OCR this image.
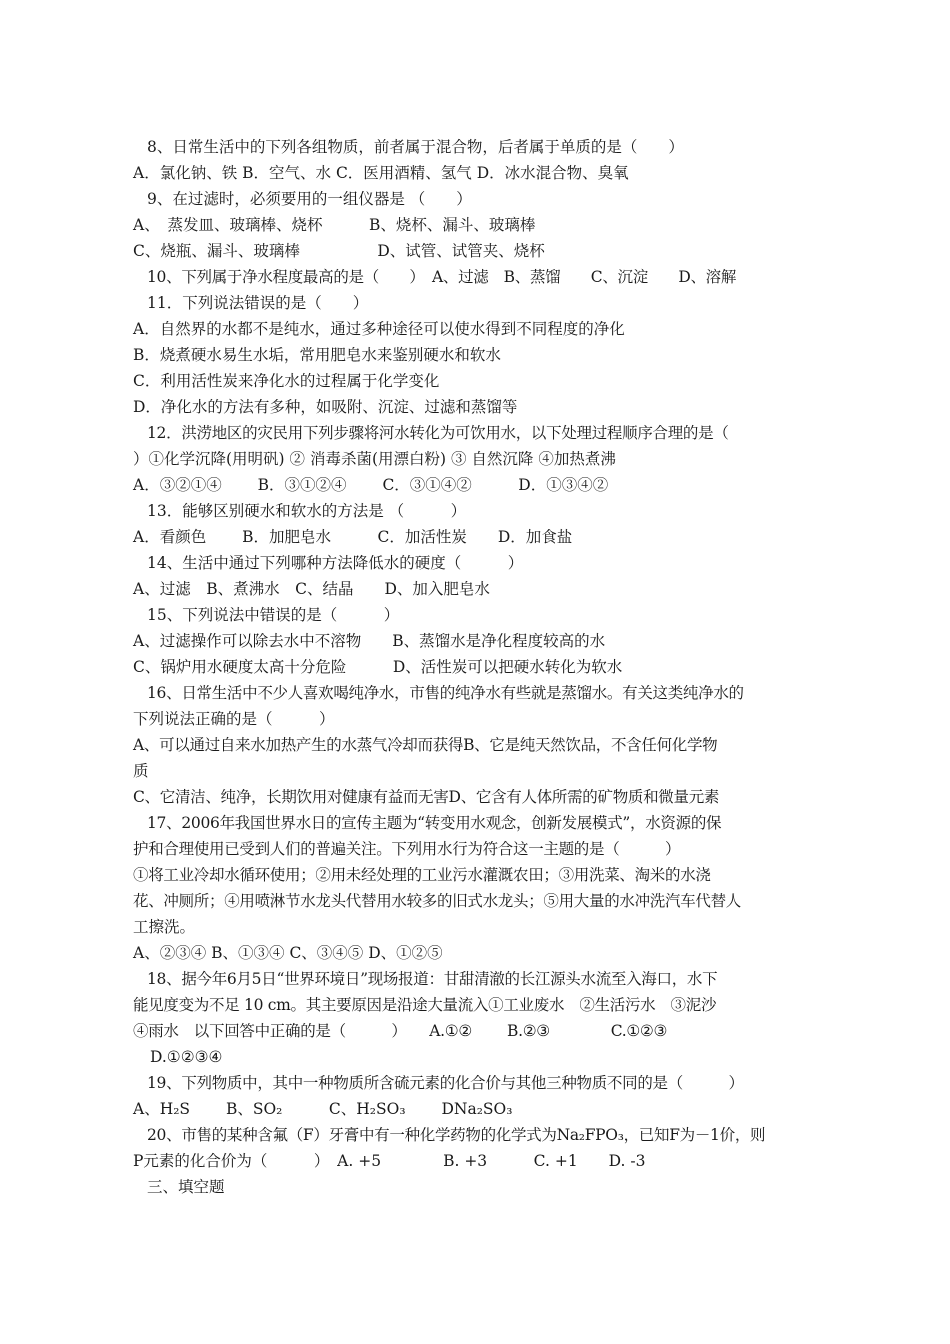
8、日常生活中的下列各组物质，前者属于混合物，后者属于单质的是（　　）
A．氯化钠、铁 B．空气、水 C．医用酒精、氢气 D．冰水混合物、臭氧
9、在过滤时，必须要用的一组仪器是 （　　）
A、　蒸发皿、玻璃棒、烧杯　　　B、烧杯、漏斗、玻璃棒
C、烧瓶、漏斗、玻璃棒　　　　　D、试管、试管夹、烧杯
10、下列属于净水程度最高的是（　　）　A、过滤　B、蒸馏　　C、沉淀　　D、溶解
11．下列说法错误的是（　　）
A．自然界的水都不是纯水，通过多种途径可以使水得到不同程度的净化
B．烧煮硬水易生水垢，常用肥皂水来鉴别硬水和软水
C．利用活性炭来净化水的过程属于化学变化
D．净化水的方法有多种，如吸附、沉淀、过滤和蒸馏等
12．洪涝地区的灾民用下列步骤将河水转化为可饮用水，以下处理过程顺序合理的是（
）①化学沉降(用明矾) ② 消毒杀菌(用漂白粉) ③ 自然沉降 ④加热煮沸
A．③②①④　　 B．③①②④　　 C．③①④②　　　D．①③④②
13．能够区别硬水和软水的方法是 （　　　）
A．看颜色　　 B．加肥皂水　　　C．加活性炭　　D．加食盐
14、生活中通过下列哪种方法降低水的硬度（　　　）
A、过滤　B、煮沸水　C、结晶　　D、加入肥皂水
15、下列说法中错误的是（　　　）
A、过滤操作可以除去水中不溶物　　B、蒸馏水是净化程度较高的水
C、锅炉用水硬度太高十分危险　　　D、活性炭可以把硬水转化为软水
16、日常生活中不少人喜欢喝纯净水，市售的纯净水有些就是蒸馏水。有关这类纯净水的
下列说法正确的是（　　　）
A、可以通过自来水加热产生的水蒸气冷却而获得B、它是纯天然饮品，不含任何化学物
质
C、它清洁、纯净，长期饮用对健康有益而无害D、它含有人体所需的矿物质和微量元素
17、2006年我国世界水日的宣传主题为“转变用水观念，创新发展模式”，水资源的保
护和合理使用已受到人们的普遍关注。下列用水行为符合这一主题的是（　　　）
①将工业冷却水循环使用；②用未经处理的工业污水灌溉农田；③用洗菜、淘米的水浇
花、冲厕所；④用喷淋节水龙头代替用水较多的旧式水龙头；⑤用大量的水冲洗汽车代替人
工擦洗。
A、②③④ B、①③④ C、③④⑤ D、①②⑤
18、据今年6月5日“世界环境日”现场报道：甘甜清澈的长江源头水流至入海口，水下
能见度变为不足 10 cm。其主要原因是沿途大量流入①工业废水　②生活污水　③泥沙
④雨水　以下回答中正确的是（　　　）　　A.①②　　 B.②③　　　　C.①②③
D.①②③④
19、下列物质中，其中一种物质所含硫元素的化合价与其他三种物质不同的是（　　　）
A、H₂S　　 B、SO₂　　　C、H₂SO₃　　 DNa₂SO₃
20、市售的某种含氟（F）牙膏中有一种化学药物的化学式为Na₂FPO₃，已知F为－1价，则
P元素的化合价为（　　　）　A. +5　　　　B. +3　　　C. +1　　D. -3
三、填空题
